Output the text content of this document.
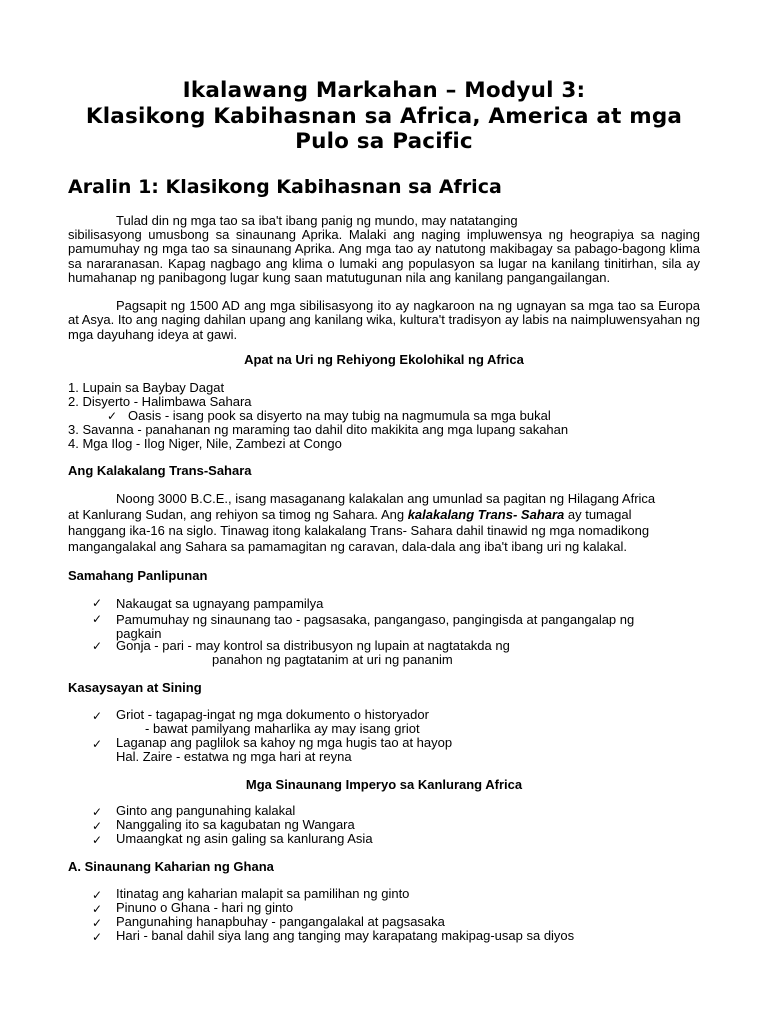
Ikalawang Markahan – Modyul 3:
Klasikong Kabihasnan sa Africa, America at mga
Pulo sa Pacific
Aralin 1: Klasikong Kabihasnan sa Africa
Tulad din ng mga tao sa iba't ibang panig ng mundo, may natatanging
sibilisasyong umusbong sa sinaunang Aprika. Malaki ang naging impluwensya ng heograpiya sa naging pamumuhay ng mga tao sa sinaunang Aprika. Ang mga tao ay natutong makibagay sa pabago-bagong klima sa nararanasan. Kapag nagbago ang klima o lumaki ang populasyon sa lugar na kanilang tinitirhan, sila ay humahanap ng panibagong lugar kung saan matutugunan nila ang kanilang pangangailangan.
Pagsapit ng 1500 AD ang mga sibilisasyong ito ay nagkaroon na ng ugnayan sa mga tao sa Europa at Asya. Ito ang naging dahilan upang ang kanilang wika, kultura't tradisyon ay labis na naimpluwensyahan ng mga dayuhang ideya at gawi.
Apat na Uri ng Rehiyong Ekolohikal ng Africa
1. Lupain sa Baybay Dagat
2. Disyerto - Halimbawa Sahara
✓ Oasis - isang pook sa disyerto na may tubig na nagmumula sa mga bukal
3. Savanna - panahanan ng maraming tao dahil dito makikita ang mga lupang sakahan
4. Mga Ilog - Ilog Niger, Nile, Zambezi at Congo
Ang Kalakalang Trans-Sahara
Noong 3000 B.C.E., isang masaganang kalakalan ang umunlad sa pagitan ng Hilagang Africa
at Kanlurang Sudan, ang rehiyon sa timog ng Sahara. Ang kalakalang Trans- Sahara ay tumagal
hanggang ika-16 na siglo. Tinawag itong kalakalang Trans- Sahara dahil tinawid ng mga nomadikong
mangangalakal ang Sahara sa pamamagitan ng caravan, dala-dala ang iba't ibang uri ng kalakal.
Samahang Panlipunan
✓ Nakaugat sa ugnayang pampamilya
✓ Pamumuhay ng sinaunang tao - pagsasaka, pangangaso, pangingisda at pangangalap ng
pagkain
✓ Gonja - pari - may kontrol sa distribusyon ng lupain at nagtatakda ng
panahon ng pagtatanim at uri ng pananim
Kasaysayan at Sining
✓ Griot - tagapag-ingat ng mga dokumento o historyador
- bawat pamilyang maharlika ay may isang griot
✓ Laganap ang paglilok sa kahoy ng mga hugis tao at hayop
Hal. Zaire - estatwa ng mga hari at reyna
Mga Sinaunang Imperyo sa Kanlurang Africa
✓ Ginto ang pangunahing kalakal
✓ Nanggaling ito sa kagubatan ng Wangara
✓ Umaangkat ng asin galing sa kanlurang Asia
A. Sinaunang Kaharian ng Ghana
✓ Itinatag ang kaharian malapit sa pamilihan ng ginto
✓ Pinuno o Ghana - hari ng ginto
✓ Pangunahing hanapbuhay - pangangalakal at pagsasaka
✓ Hari - banal dahil siya lang ang tanging may karapatang makipag-usap sa diyos
